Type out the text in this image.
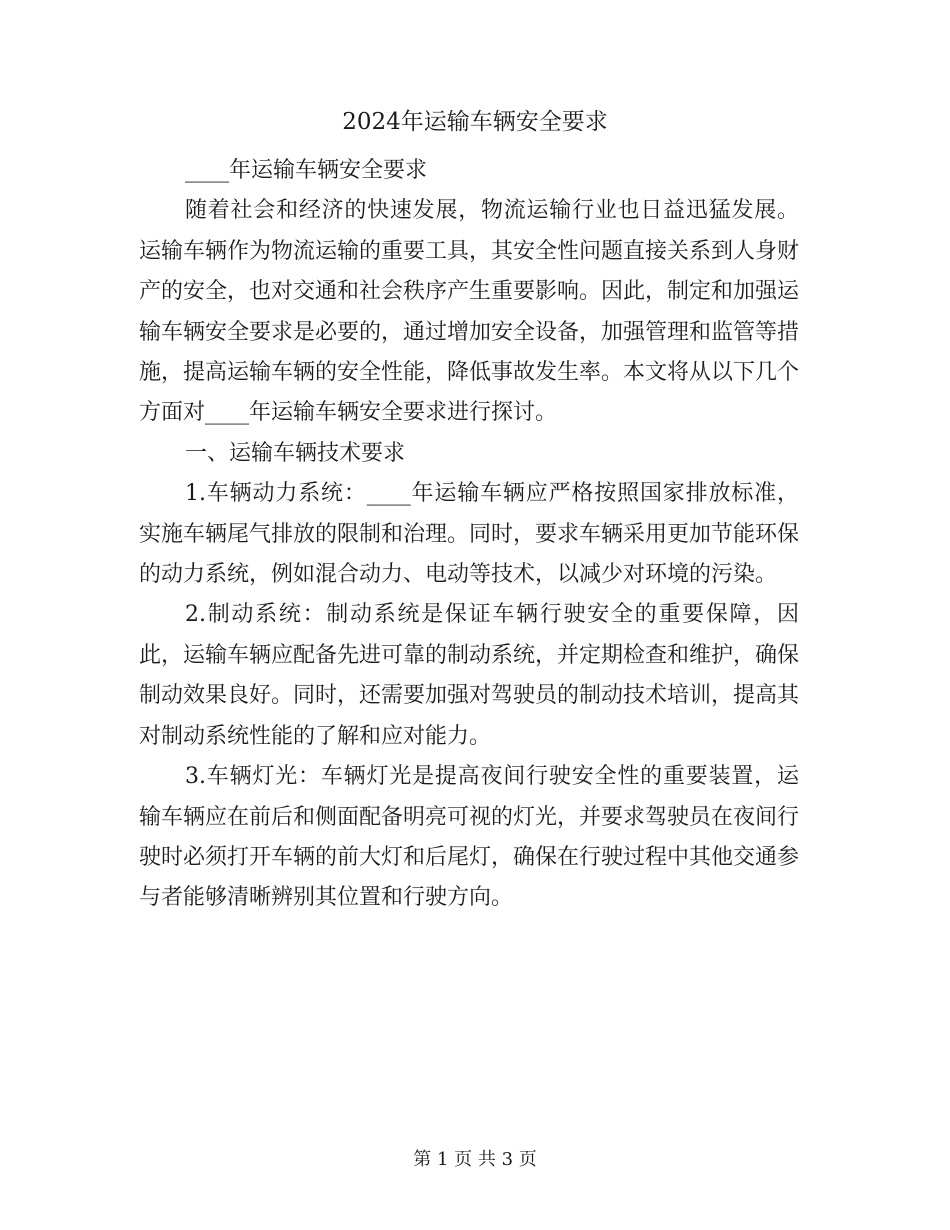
2024年运输车辆安全要求

____年运输车辆安全要求

随着社会和经济的快速发展，物流运输行业也日益迅猛发展。运输车辆作为物流运输的重要工具，其安全性问题直接关系到人身财产的安全，也对交通和社会秩序产生重要影响。因此，制定和加强运输车辆安全要求是必要的，通过增加安全设备，加强管理和监管等措施，提高运输车辆的安全性能，降低事故发生率。本文将从以下几个方面对____年运输车辆安全要求进行探讨。

一、运输车辆技术要求

1.车辆动力系统：____年运输车辆应严格按照国家排放标准，实施车辆尾气排放的限制和治理。同时，要求车辆采用更加节能环保的动力系统，例如混合动力、电动等技术，以减少对环境的污染。

2.制动系统：制动系统是保证车辆行驶安全的重要保障，因此，运输车辆应配备先进可靠的制动系统，并定期检查和维护，确保制动效果良好。同时，还需要加强对驾驶员的制动技术培训，提高其对制动系统性能的了解和应对能力。

3.车辆灯光：车辆灯光是提高夜间行驶安全性的重要装置，运输车辆应在前后和侧面配备明亮可视的灯光，并要求驾驶员在夜间行驶时必须打开车辆的前大灯和后尾灯，确保在行驶过程中其他交通参与者能够清晰辨别其位置和行驶方向。

第 1 页 共 3 页
